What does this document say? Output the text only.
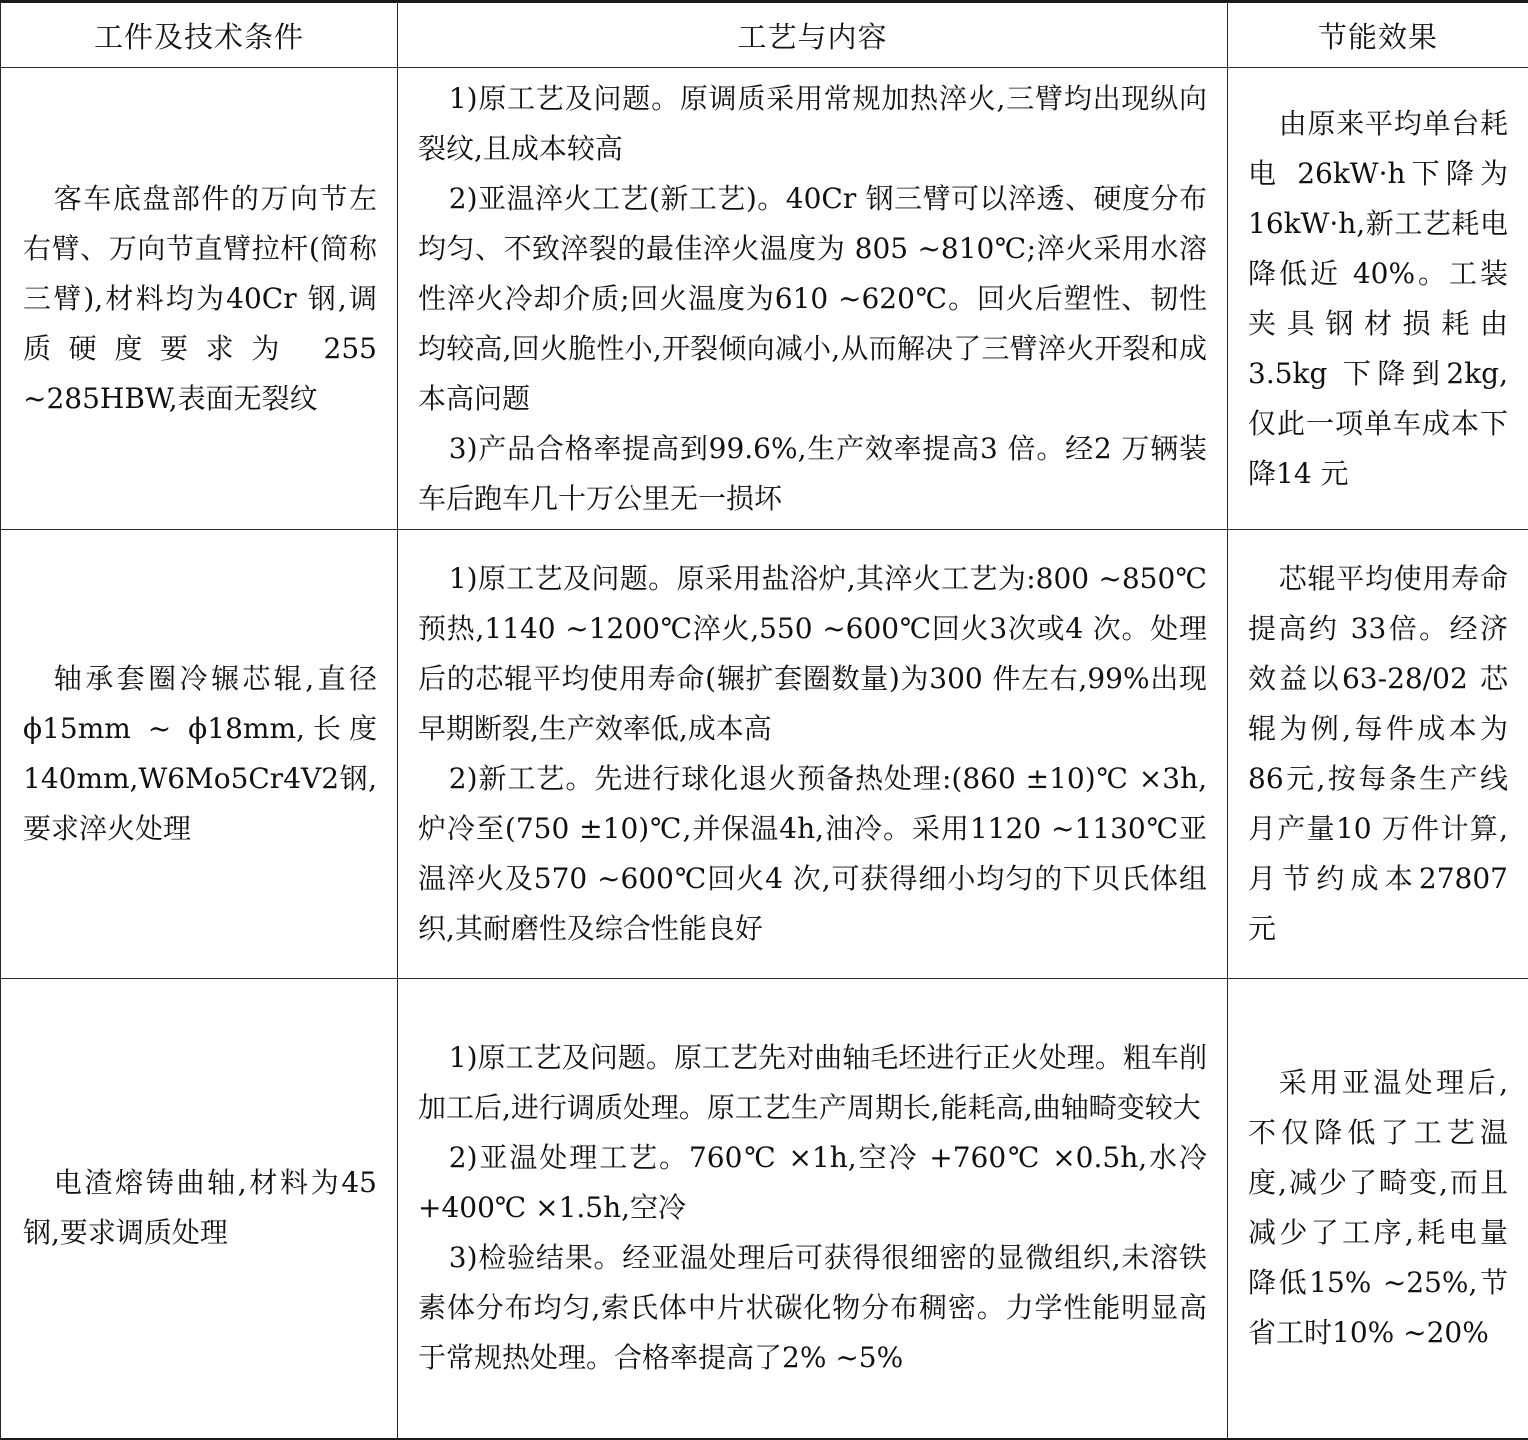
工件及技术条件	工艺与内容	节能效果

客车底盘部件的万向节左右臂、万向节直臂拉杆(简称三臂),材料均为40Cr 钢,调质硬度要求为 255 ~285HBW,表面无裂纹	1)原工艺及问题。原调质采用常规加热淬火,三臂均出现纵向裂纹,且成本较高
2)亚温淬火工艺(新工艺)。40Cr 钢三臂可以淬透、硬度分布均匀、不致淬裂的最佳淬火温度为 805 ~810℃;淬火采用水溶性淬火冷却介质;回火温度为610 ~620℃。回火后塑性、韧性均较高,回火脆性小,开裂倾向减小,从而解决了三臂淬火开裂和成本高问题
3)产品合格率提高到99.6%,生产效率提高3 倍。经2 万辆装车后跑车几十万公里无一损坏	由原来平均单台耗电 26kW·h下降为16kW·h,新工艺耗电降低近 40%。工装夹具钢材损耗由3.5kg 下降到2kg,仅此一项单车成本下降14 元

轴承套圈冷辗芯辊,直径 ϕ15mm ~ ϕ18mm,长度 140mm,W6Mo5Cr4V2钢,要求淬火处理	1)原工艺及问题。原采用盐浴炉,其淬火工艺为:800 ~850℃预热,1140 ~1200℃淬火,550 ~600℃回火3次或4 次。处理后的芯辊平均使用寿命(辗扩套圈数量)为300 件左右,99%出现早期断裂,生产效率低,成本高
2)新工艺。先进行球化退火预备热处理:(860 ±10)℃ ×3h,炉冷至(750 ±10)℃,并保温4h,油冷。采用1120 ~1130℃亚温淬火及570 ~600℃回火4 次,可获得细小均匀的下贝氏体组织,其耐磨性及综合性能良好	芯辊平均使用寿命提高约 33倍。经济效益以63-28/02 芯辊为例,每件成本为86元,按每条生产线月产量10 万件计算,月节约成本27807 元

电渣熔铸曲轴,材料为45 钢,要求调质处理	1)原工艺及问题。原工艺先对曲轴毛坯进行正火处理。粗车削加工后,进行调质处理。原工艺生产周期长,能耗高,曲轴畸变较大
2)亚温处理工艺。760℃ ×1h,空冷 +760℃ ×0.5h,水冷 +400℃ ×1.5h,空冷
3)检验结果。经亚温处理后可获得很细密的显微组织,未溶铁素体分布均匀,索氏体中片状碳化物分布稠密。力学性能明显高于常规热处理。合格率提高了2% ~5%	采用亚温处理后,不仅降低了工艺温度,减少了畸变,而且减少了工序,耗电量降低15% ~25%,节省工时10% ~20%
